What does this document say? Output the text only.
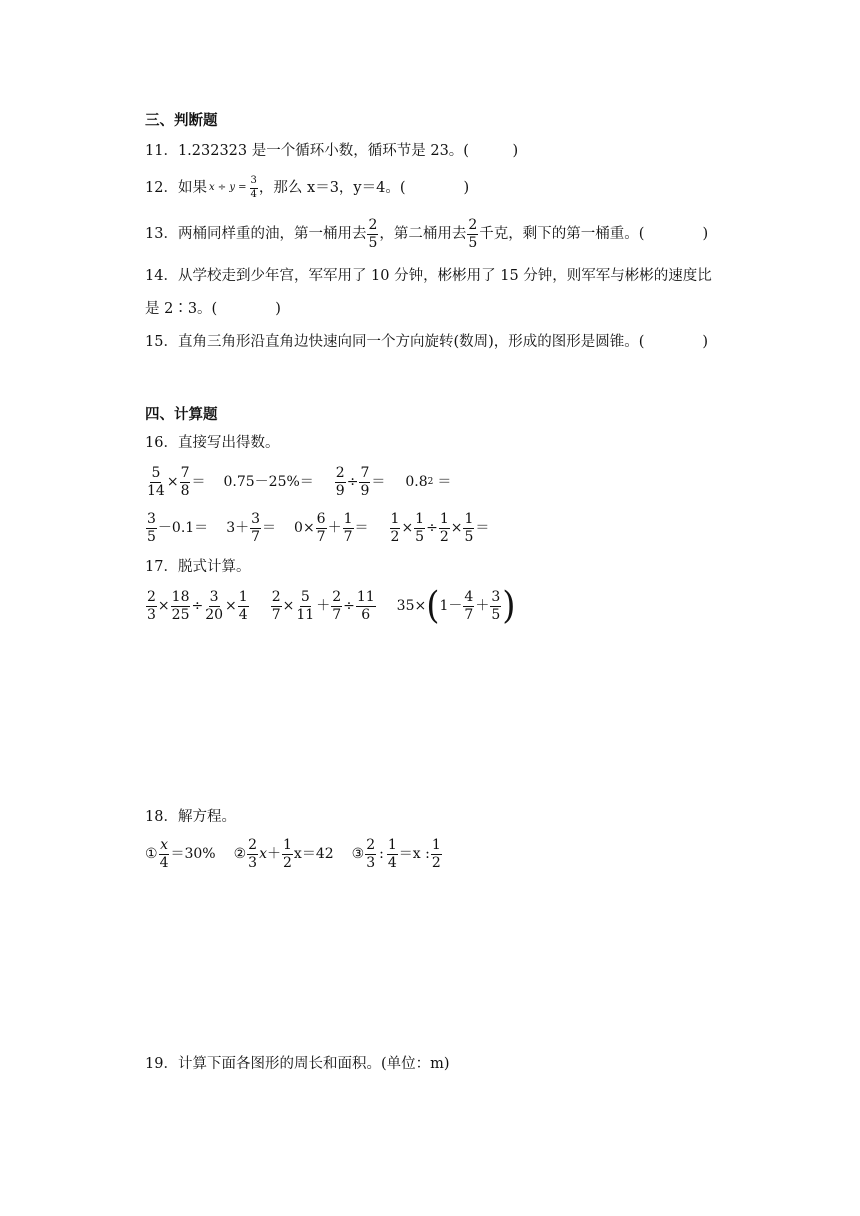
三、判断题
11．1.232323 是一个循环小数，循环节是 23。(　　　)
12．如果 $x \div y = \frac{3}{4}$ ，那么 x＝3，y＝4。(　　　　)
13．两桶同样重的油，第一桶用去 $\frac{2}{5}$ ，第二桶用去 $\frac{2}{5}$ 千克，剩下的第一桶重。(　　　　)
14．从学校走到少年宫，军军用了 10 分钟，彬彬用了 15 分钟，则军军与彬彬的速度比
是 2∶3。(　　　　)
15．直角三角形沿直角边快速向同一个方向旋转(数周)，形成的图形是圆锥。(　　　　)
四、计算题
16．直接写出得数。
$\frac{5}{14} \times \frac{7}{8} = 0.75-25\%= \frac{2}{9} \div \frac{7}{9} = 0.8$ 2 ＝
$\frac{3}{5} -0.1= 3+ \frac{3}{7} = 0\times \frac{6}{7} + \frac{1}{7} = \frac{1}{2} \times \frac{1}{5} \div \frac{1}{2} \times \frac{1}{5}$ ＝
17．脱式计算。
$\frac{2}{3} \times \frac{18}{25} \div \frac{3}{20} \times \frac{1}{4} \frac{2}{7} \times \frac{5}{11} + \frac{2}{7} \div \frac{11}{6} 35\times$ ( $1 - \frac{4}{7} + \frac{3}{5}$ )
18．解方程。
① $\frac{x}{4} =30\%$ ② $\frac{2}{3}$ $x + \frac{1}{2} x=42$ ③ $\frac{2}{3}$ : $\frac{1}{4} =x$ : $\frac{1}{2}$
19．计算下面各图形的周长和面积。(单位：m)
